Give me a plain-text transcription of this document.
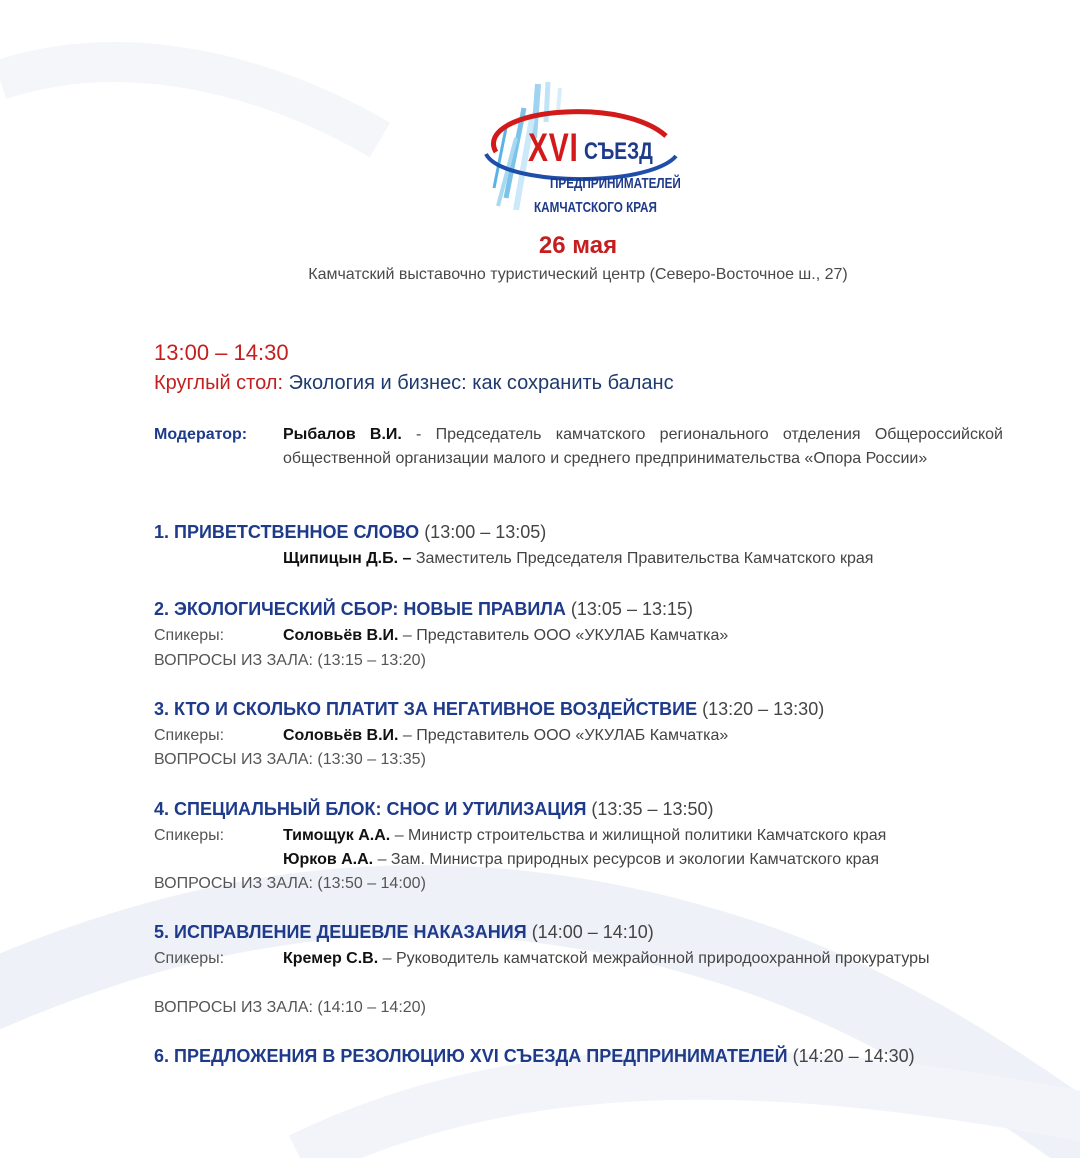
XVI СЪЕЗД
ПРЕДПРИНИМАТЕЛЕЙ
КАМЧАТСКОГО КРАЯ
26 мая
Камчатский выставочно туристический центр (Северо-Восточное ш., 27)
13:00 – 14:30
Круглый стол: Экология и бизнес: как сохранить баланс
Модератор: Рыбалов В.И. - Председатель камчатского регионального отделения Общероссийской общественной организации малого и среднего предпринимательства «Опора России»
1. ПРИВЕТСТВЕННОЕ СЛОВО (13:00 – 13:05)
Щипицын Д.Б. – Заместитель Председателя Правительства Камчатского края
2. ЭКОЛОГИЧЕСКИЙ СБОР: НОВЫЕ ПРАВИЛА (13:05 – 13:15)
Спикеры:	Соловьёв В.И. – Представитель ООО «УКУЛАБ Камчатка»
ВОПРОСЫ ИЗ ЗАЛА: (13:15 – 13:20)
3. КТО И СКОЛЬКО ПЛАТИТ ЗА НЕГАТИВНОЕ ВОЗДЕЙСТВИЕ (13:20 – 13:30)
Спикеры:	Соловьёв В.И. – Представитель ООО «УКУЛАБ Камчатка»
ВОПРОСЫ ИЗ ЗАЛА: (13:30 – 13:35)
4. СПЕЦИАЛЬНЫЙ БЛОК: СНОС И УТИЛИЗАЦИЯ (13:35 – 13:50)
Спикеры:	Тимощук А.А. – Министр строительства и жилищной политики Камчатского края
Юрков А.А. – Зам. Министра природных ресурсов и экологии Камчатского края
ВОПРОСЫ ИЗ ЗАЛА: (13:50 – 14:00)
5. ИСПРАВЛЕНИЕ ДЕШЕВЛЕ НАКАЗАНИЯ (14:00 – 14:10)
Спикеры:	Кремер С.В. – Руководитель камчатской межрайонной природоохранной прокуратуры
ВОПРОСЫ ИЗ ЗАЛА: (14:10 – 14:20)
6. ПРЕДЛОЖЕНИЯ В РЕЗОЛЮЦИЮ XVI СЪЕЗДА ПРЕДПРИНИМАТЕЛЕЙ (14:20 – 14:30)
